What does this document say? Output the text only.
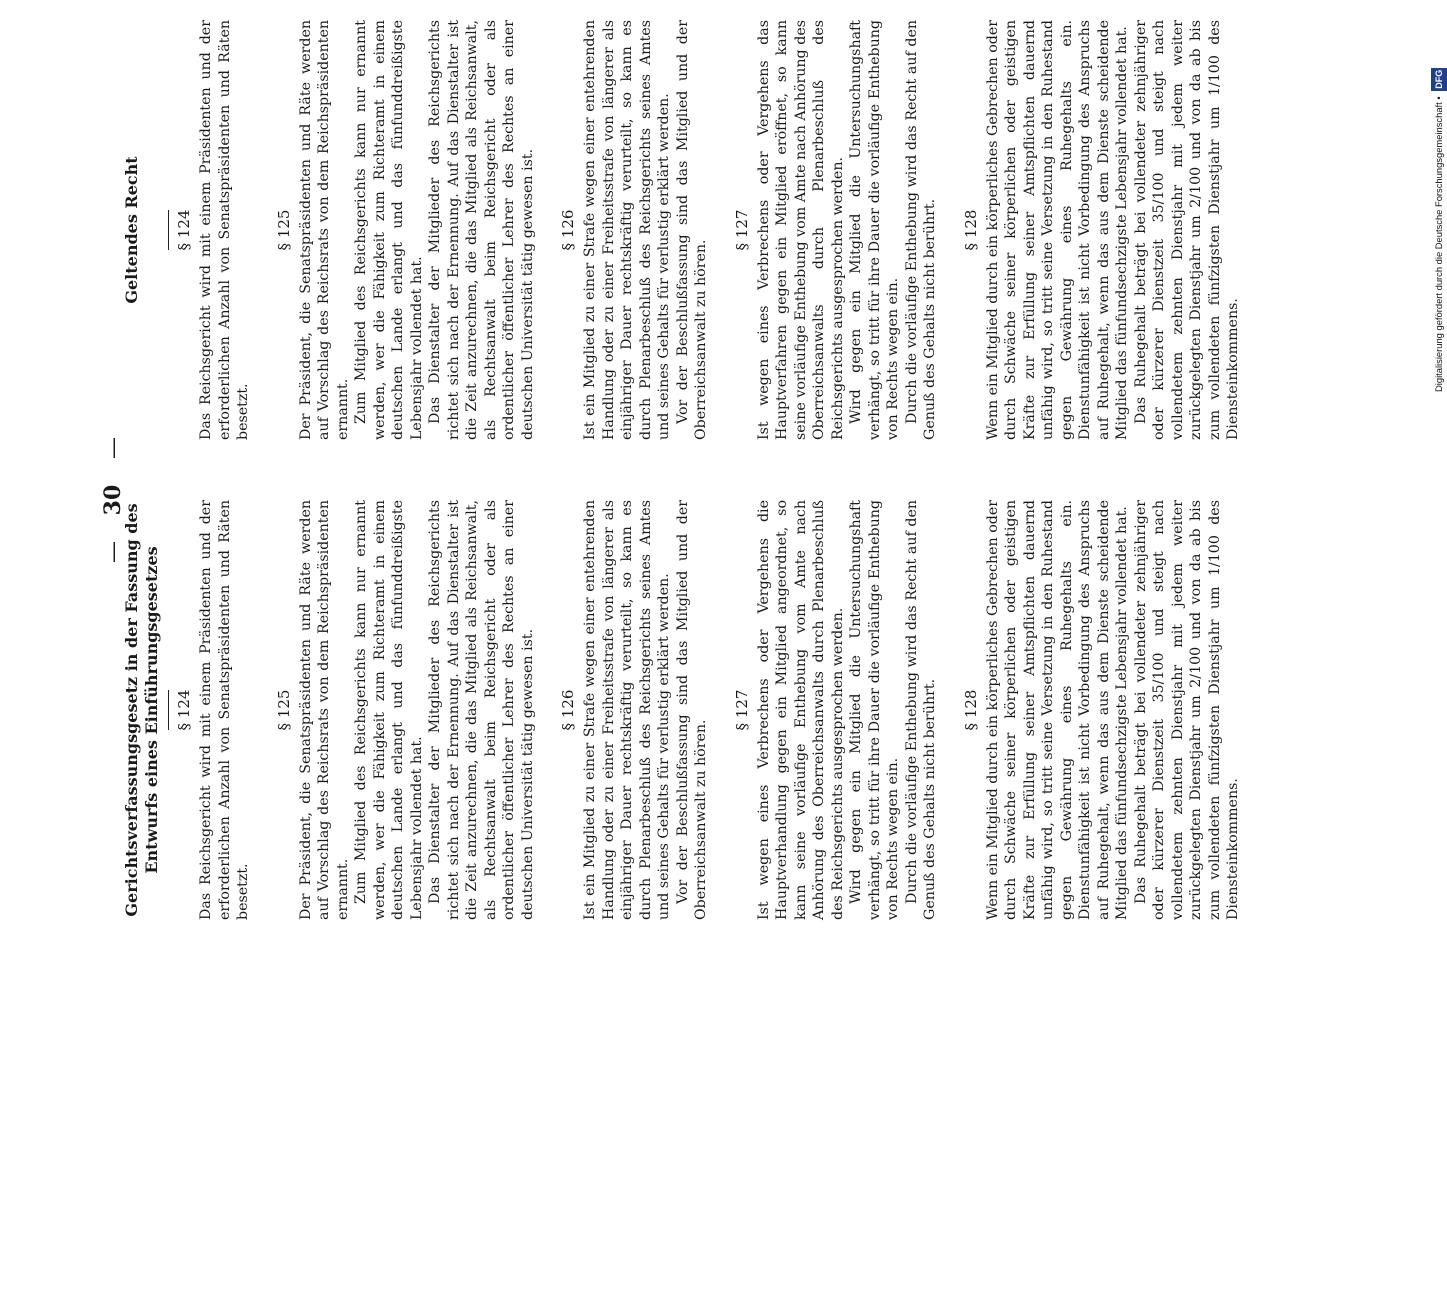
— 30 —
Gerichtsverfassungsgesetz in der Fassung des Entwurfs eines Einführungsgesetzes § 124 Das Reichsgericht wird mit einem Präsidenten und der erforderlichen Anzahl von Senatspräsidenten und Räten besetzt.

§ 125 Der Präsident, die Senatspräsidenten und Räte werden auf Vorschlag des Reichsrats von dem Reichspräsidenten ernannt. Zum Mitglied des Reichsgerichts kann nur ernannt werden, wer die Fähigkeit zum Richteramt in einem deutschen Lande erlangt und das fünfunddreißigste Lebensjahr vollendet hat. Das Dienstalter der Mitglieder des Reichsgerichts richtet sich nach der Ernennung. Auf das Dienstalter ist die Zeit anzurechnen, die das Mitglied als Reichsanwalt, als Rechtsanwalt beim Reichsgericht oder als ordentlicher öffentlicher Lehrer des Rechtes an einer deutschen Universität tätig gewesen ist. § 126 Ist ein Mitglied zu einer Strafe wegen einer entehrenden Handlung oder zu einer Freiheitsstrafe von längerer als einjähriger Dauer rechtskräftig verurteilt, so kann es durch Plenarbeschluß des Reichsgerichts seines Amtes und seines Gehalts für verlustig erklärt werden. Vor der Beschlußfassung sind das Mitglied und der Oberreichsanwalt zu hören.

§ 127 Ist wegen eines Verbrechens oder Vergehens die Hauptverhandlung gegen ein Mitglied angeordnet, so kann seine vorläufige Enthebung vom Amte nach Anhörung des Oberreichsanwalts durch Plenarbeschluß des Reichsgerichts ausgesprochen werden. Wird gegen ein Mitglied die Untersuchungshaft verhängt, so tritt für ihre Dauer die vorläufige Enthebung von Rechts wegen ein. Durch die vorläufige Enthebung wird das Recht auf den Genuß des Gehalts nicht berührt. § 128 Wenn ein Mitglied durch ein körperliches Gebrechen oder durch Schwäche seiner körperlichen oder geistigen Kräfte zur Erfüllung seiner Amtspflichten dauernd unfähig wird, so tritt seine Versetzung in den Ruhestand gegen Gewährung eines Ruhegehalts ein. Dienstunfähigkeit ist nicht Vorbedingung des Anspruchs auf Ruhegehalt, wenn das aus dem Dienste scheidende Mitglied das fünfundsechzigste Lebensjahr vollendet hat. Das Ruhegehalt beträgt bei vollendeter zehnjähriger oder kürzerer Dienstzeit 35/100 und steigt nach vollendetem zehnten Dienstjahr mit jedem weiter zurückgelegten Dienstjahr um 2/100 und von da ab bis zum vollendeten fünfzigsten Dienstjahr um 1/100 des Diensteinkommens.

Geltendes Recht	§ 124 Das Reichsgericht wird mit einem Präsidenten und der erforderlichen Anzahl von Senatspräsidenten und Räten besetzt.

§ 125 Der Präsident, die Senatspräsidenten und Räte werden auf Vorschlag des Reichsrats von dem Reichspräsidenten ernannt. Zum Mitglied des Reichsgerichts kann nur ernannt werden, wer die Fähigkeit zum Richteramt in einem deutschen Lande erlangt und das fünfunddreißigste Lebensjahr vollendet hat. Das Dienstalter der Mitglieder des Reichsgerichts richtet sich nach der Ernennung. Auf das Dienstalter ist die Zeit anzurechnen, die das Mitglied als Reichsanwalt, als Rechtsanwalt beim Reichsgericht oder als ordentlicher öffentlicher Lehrer des Rechtes an einer deutschen Universität tätig gewesen ist. § 126 Ist ein Mitglied zu einer Strafe wegen einer entehrenden Handlung oder zu einer Freiheitsstrafe von längerer als einjähriger Dauer rechtskräftig verurteilt, so kann es durch Plenarbeschluß des Reichsgerichts seines Amtes und seines Gehalts für verlustig erklärt werden. Vor der Beschlußfassung sind das Mitglied und der Oberreichsanwalt zu hören.

§ 127 Ist wegen eines Verbrechens oder Vergehens das Hauptverfahren gegen ein Mitglied eröffnet, so kann seine vorläufige Enthebung vom Amte nach Anhörung des Oberreichsanwalts durch Plenarbeschluß des Reichsgerichts ausgesprochen werden. Wird gegen ein Mitglied die Untersuchungshaft verhängt, so tritt für ihre Dauer die vorläufige Enthebung von Rechts wegen ein. Durch die vorläufige Enthebung wird das Recht auf den Genuß des Gehalts nicht berührt. § 128 Wenn ein Mitglied durch ein körperliches Gebrechen oder durch Schwäche seiner körperlichen oder geistigen Kräfte zur Erfüllung seiner Amtspflichten dauernd unfähig wird, so tritt seine Versetzung in den Ruhestand gegen Gewährung eines Ruhegehalts ein. Dienstunfähigkeit ist nicht Vorbedingung des Anspruchs auf Ruhegehalt, wenn das aus dem Dienste scheidende Mitglied das fünfundsechzigste Lebensjahr vollendet hat. Das Ruhegehalt beträgt bei vollendeter zehnjähriger oder kürzerer Dienstzeit 35/100 und steigt nach vollendetem zehnten Dienstjahr mit jedem weiter zurückgelegten Dienstjahr um 2/100 und von da ab bis zum vollendeten fünfzigsten Dienstjahr um 1/100 des Diensteinkommens.	Digitalisierung gefördert durch die Deutsche Forschungsgemeinschaft • DFG
